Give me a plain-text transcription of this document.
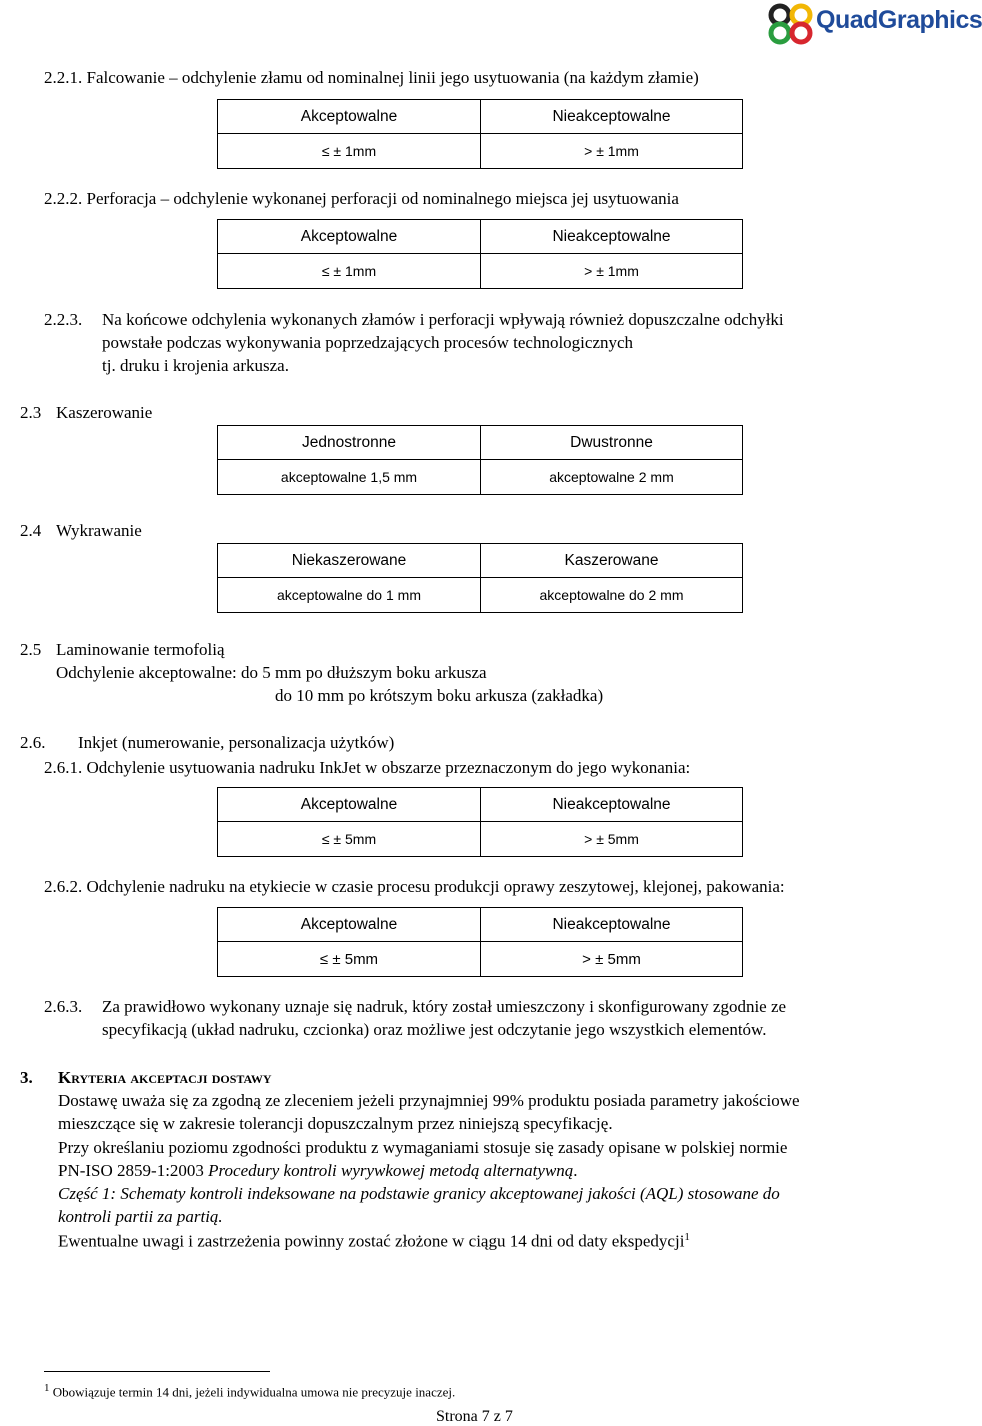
QuadGraphics
2.2.1. Falcowanie – odchylenie złamu od nominalnej linii jego usytuowania (na każdym złamie)
Akceptowalne	Nieakceptowalne
≤ ± 1mm	> ± 1mm
2.2.2. Perforacja – odchylenie wykonanej perforacji od nominalnego miejsca jej usytuowania
Akceptowalne	Nieakceptowalne
≤ ± 1mm	> ± 1mm
2.2.3. Na końcowe odchylenia wykonanych złamów i perforacji wpływają również dopuszczalne odchyłki
powstałe podczas wykonywania poprzedzających procesów technologicznych
tj. druku i krojenia arkusza.
2.3 Kaszerowanie
Jednostronne	Dwustronne
akceptowalne 1,5 mm	akceptowalne 2 mm
2.4 Wykrawanie
Niekaszerowane	Kaszerowane
akceptowalne do 1 mm	akceptowalne do 2 mm
2.5 Laminowanie termofolią
Odchylenie akceptowalne: do 5 mm po dłuższym boku arkusza
do 10 mm po krótszym boku arkusza (zakładka)
2.6. Inkjet (numerowanie, personalizacja użytków)
2.6.1. Odchylenie usytuowania nadruku InkJet w obszarze przeznaczonym do jego wykonania:
Akceptowalne	Nieakceptowalne
≤ ± 5mm	> ± 5mm
2.6.2. Odchylenie nadruku na etykiecie w czasie procesu produkcji oprawy zeszytowej, klejonej, pakowania:
Akceptowalne	Nieakceptowalne
≤ ± 5mm	> ± 5mm
2.6.3. Za prawidłowo wykonany uznaje się nadruk, który został umieszczony i skonfigurowany zgodnie ze
specyfikacją (układ nadruku, czcionka) oraz możliwe jest odczytanie jego wszystkich elementów.
3. Kryteria akceptacji dostawy
Dostawę uważa się za zgodną ze zleceniem jeżeli przynajmniej 99% produktu posiada parametry jakościowe
mieszczące się w zakresie tolerancji dopuszczalnym przez niniejszą specyfikację.
Przy określaniu poziomu zgodności produktu z wymaganiami stosuje się zasady opisane w polskiej normie
PN-ISO 2859-1:2003 Procedury kontroli wyrywkowej metodą alternatywną.
Część 1: Schematy kontroli indeksowane na podstawie granicy akceptowanej jakości (AQL) stosowane do
kontroli partii za partią.
Ewentualne uwagi i zastrzeżenia powinny zostać złożone w ciągu 14 dni od daty ekspedycji$^1$
$^1$ Obowiązuje termin 14 dni, jeżeli indywidualna umowa nie precyzuje inaczej.
Strona 7 z 7
